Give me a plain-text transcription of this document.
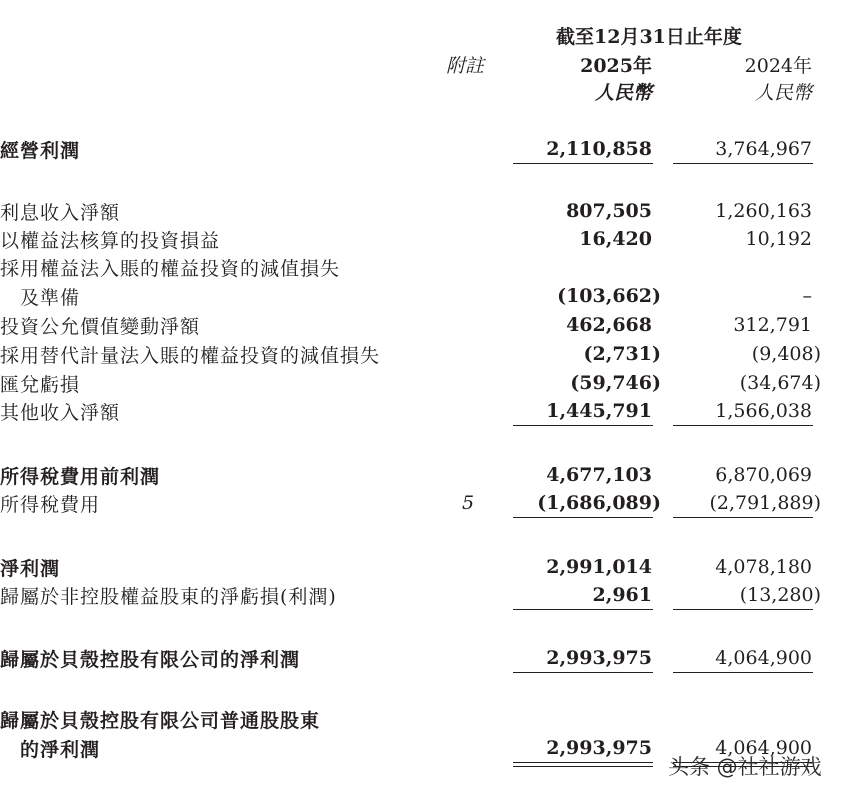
截至12月31日止年度
附註	2025年	2024年
人民幣	人民幣
經營利潤	2,110,858	3,764,967
利息收入淨額	807,505	1,260,163
以權益法核算的投資損益	16,420	10,192
採用權益法入賬的權益投資的減值損失
及準備	(103,662)	–
投資公允價值變動淨額	462,668	312,791
採用替代計量法入賬的權益投資的減值損失	(2,731)	(9,408)
匯兌虧損	(59,746)	(34,674)
其他收入淨額	1,445,791	1,566,038
所得稅費用前利潤	4,677,103	6,870,069
所得稅費用	5	(1,686,089)	(2,791,889)
淨利潤	2,991,014	4,078,180
歸屬於非控股權益股東的淨虧損(利潤)	2,961	(13,280)
歸屬於貝殼控股有限公司的淨利潤	2,993,975	4,064,900
歸屬於貝殼控股有限公司普通股股東
的淨利潤	2,993,975	4,064,900
头条 @社社游戏
